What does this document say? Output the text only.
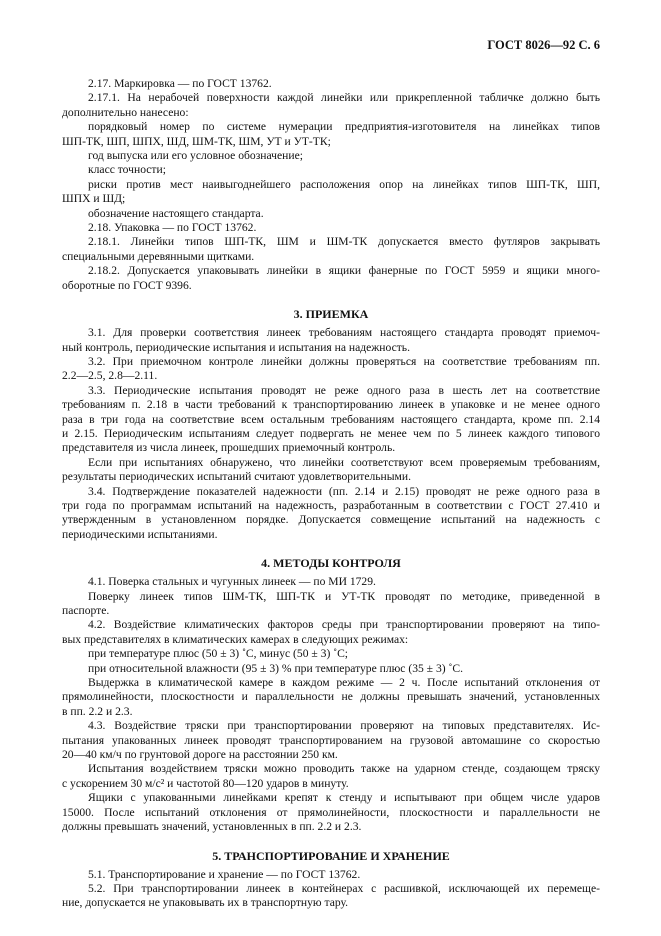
ГОСТ 8026—92 С. 6
2.17. Маркировка — по ГОСТ 13762.
2.17.1. На нерабочей поверхности каждой линейки или прикрепленной табличке должно быть
дополнительно нанесено:
порядковый номер по системе нумерации предприятия-изготовителя на линейках типов
ШП-ТК, ШП, ШПХ, ШД, ШМ-ТК, ШМ, УТ и УТ-ТК;
год выпуска или его условное обозначение;
класс точности;
риски против мест наивыгоднейшего расположения опор на линейках типов ШП-ТК, ШП,
ШПХ и ШД;
обозначение настоящего стандарта.
2.18. Упаковка — по ГОСТ 13762.
2.18.1. Линейки типов ШП-ТК, ШМ и ШМ-ТК допускается вместо футляров закрывать
специальными деревянными щитками.
2.18.2. Допускается упаковывать линейки в ящики фанерные по ГОСТ 5959 и ящики много-
оборотные по ГОСТ 9396.
3. ПРИЕМКА
3.1. Для проверки соответствия линеек требованиям настоящего стандарта проводят приемоч-
ный контроль, периодические испытания и испытания на надежность.
3.2. При приемочном контроле линейки должны проверяться на соответствие требованиям пп.
2.2—2.5, 2.8—2.11.
3.3. Периодические испытания проводят не реже одного раза в шесть лет на соответствие
требованиям п. 2.18 в части требований к транспортированию линеек в упаковке и не менее одного
раза в три года на соответствие всем остальным требованиям настоящего стандарта, кроме пп. 2.14
и 2.15. Периодическим испытаниям следует подвергать не менее чем по 5 линеек каждого типового
представителя из числа линеек, прошедших приемочный контроль.
Если при испытаниях обнаружено, что линейки соответствуют всем проверяемым требованиям,
результаты периодических испытаний считают удовлетворительными.
3.4. Подтверждение показателей надежности (пп. 2.14 и 2.15) проводят не реже одного раза в
три года по программам испытаний на надежность, разработанным в соответствии с ГОСТ 27.410 и
утвержденным в установленном порядке. Допускается совмещение испытаний на надежность с
периодическими испытаниями.
4. МЕТОДЫ КОНТРОЛЯ
4.1. Поверка стальных и чугунных линеек — по МИ 1729.
Поверку линеек типов ШМ-ТК, ШП-ТК и УТ-ТК проводят по методике, приведенной в
паспорте.
4.2. Воздействие климатических факторов среды при транспортировании проверяют на типо-
вых представителях в климатических камерах в следующих режимах:
при температуре плюс (50 ± 3) ˚С, минус (50 ± 3) ˚С;
при относительной влажности (95 ± 3) % при температуре плюс (35 ± 3) ˚С.
Выдержка в климатической камере в каждом режиме — 2 ч. После испытаний отклонения от
прямолинейности, плоскостности и параллельности не должны превышать значений, установленных
в пп. 2.2 и 2.3.
4.3. Воздействие тряски при транспортировании проверяют на типовых представителях. Ис-
пытания упакованных линеек проводят транспортированием на грузовой автомашине со скоростью
20—40 км/ч по грунтовой дороге на расстоянии 250 км.
Испытания воздействием тряски можно проводить также на ударном стенде, создающем тряску
с ускорением 30 м/с² и частотой 80—120 ударов в минуту.
Ящики с упакованными линейками крепят к стенду и испытывают при общем числе ударов
15000. После испытаний отклонения от прямолинейности, плоскостности и параллельности не
должны превышать значений, установленных в пп. 2.2 и 2.3.
5. ТРАНСПОРТИРОВАНИЕ И ХРАНЕНИЕ
5.1. Транспортирование и хранение — по ГОСТ 13762.
5.2. При транспортировании линеек в контейнерах с расшивкой, исключающей их перемеще-
ние, допускается не упаковывать их в транспортную тару.
